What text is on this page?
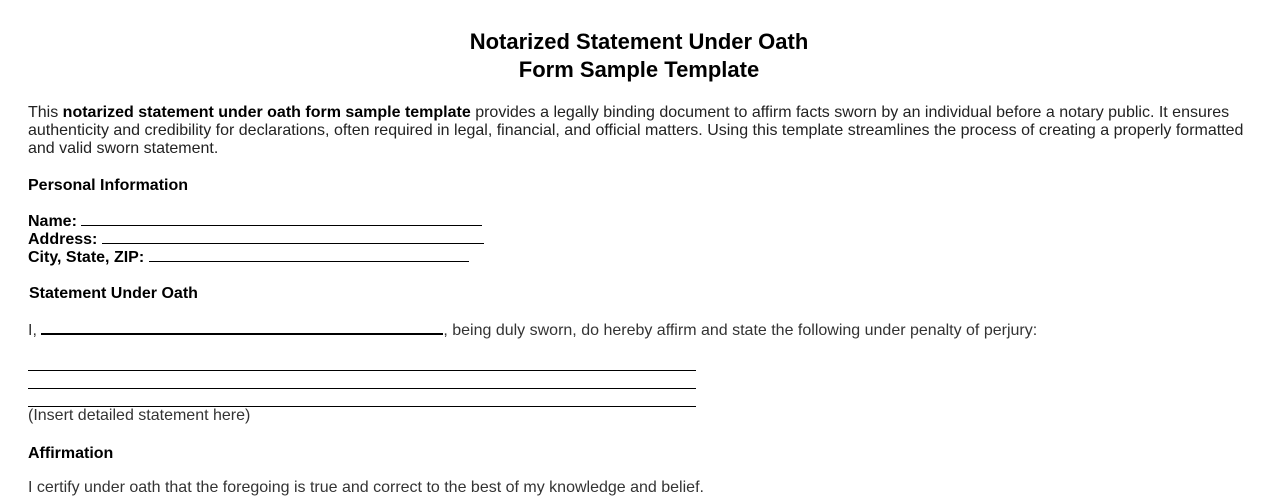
Notarized Statement Under Oath
Form Sample Template
This notarized statement under oath form sample template provides a legally binding document to affirm facts sworn by an individual before a notary public. It ensures authenticity and credibility for declarations, often required in legal, financial, and official matters. Using this template streamlines the process of creating a properly formatted and valid sworn statement.
Personal Information
Name:
Address:
City, State, ZIP:
Statement Under Oath
I,	, being duly sworn, do hereby affirm and state the following under penalty of perjury:
(Insert detailed statement here)
Affirmation
I certify under oath that the foregoing is true and correct to the best of my knowledge and belief.
